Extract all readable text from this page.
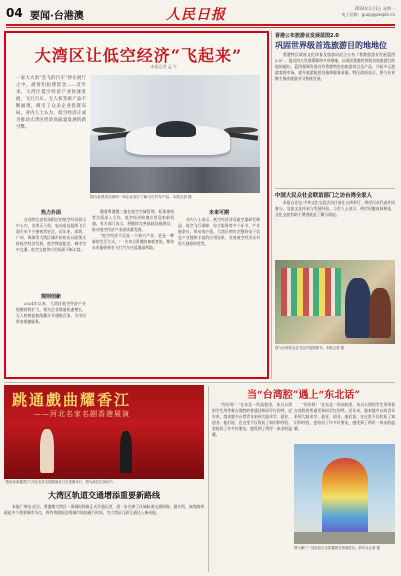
04 要闻·台港澳	人民日报	2024年1月1日 星期一
电子信箱：guoji@people.cn
大湾区让低空经济“飞起来”
本报记者 孟 牛
一家大大的“会飞的汽车”停在展厅之中，游客们拍照留念……近年来，大湾区低空经济产业快速发展，飞行汽车、无人机等新产品不断涌现，吸引了众多企业投资布局。业内人士认为，低空经济正成为推动大湾区经济高质量发展的新引擎。
图为参观者在深圳一家企业展厅了解飞行汽车产品。本报记者 摄
热力扑面

在深圳宝安机场附近的低空经济展示中心内，各类无人机、电动垂直起降飞行器引来不少参观者驻足。近年来，深圳、广州、珠海等大湾区城市纷纷出台政策支持低空经济发展，低空物流配送、城市空中交通、低空文旅等应用场景不断丰富。

规则创新

2024年以来，大湾区低空经济产业规模持续扩大，相关企业数量快速增长，无人机物流航线累计开通数百条，为市民带来便捷服务。

随着粤港澳三地在低空空域管理、标准规则等方面深入合作，低空经济跨境应用迎来新机遇。有关部门表示，将继续完善基础设施建设，推动低空经济产业高质量发展。

“低空经济不仅是一个新兴产业，更是一种新的生活方式。”一位来自香港的参观者说，期待未来能够乘坐飞行汽车往返港深两地。

未来可期

业内人士表示，低空经济涉及航空器研发制造、低空飞行保障、综合服务等多个环节，产业链条长、带动效应强。大湾区拥有完整的电子信息产业链和丰富的应用场景，发展低空经济具有得天独厚的优势。

香港公布旅游业发展蓝图2.0
巩固世界级首选旅游目的地地位

香港特区政府文化体育及旅游局近日公布《香港旅游业发展蓝图2.0》，提出四大发展策略和多项措施，以巩固香港世界级首选旅游目的地的地位。蓝图强调发展具有香港特色的旅游项目及产品，开拓多元旅游客源市场，提升旅游配套设施和服务质量。特区政府表示，将与业界携手推动旅游业可持续发展。

中国大民众社会联谊部门之访台湾全家人

本报台北电 中华文化交流活动日前在台湾举行，两岸民众代表共同参与，交流文化传承与发展经验。与会人士表示，两岸同胞血脉相连，文化交流有助于增进彼此了解与情谊。

图为台湾民众在书店内选购图书。本报记者 摄
跳通戲曲耀香江
——河北名家名剧香港展演
“燕赵戏曲耀香江”河北名家名剧展演近日在香港举行，图为演员在演出中。
当“台湾腔”遇上“东北话”

“你好呀！”在东北一所高校里，来自台湾的学生用带着台湾腔的普通话和同学打招呼。近年来，越来越多台湾青年来到大陆求学、就业、创业。他们说，在这里不仅收获了知识和经验，更结识了许多好朋友，感受到了两岸一家亲的温暖。

“你好呀！”在东北一所高校里，来自台湾的学生用带着台湾腔的普通话和同学打招呼。近年来，越来越多台湾青年来到大陆求学、就业、创业。他们说，在这里不仅收获了知识和经验，更结识了许多好朋友，感受到了两岸一家亲的温暖。

大湾区轨道交通增添重要新路线

本报广州电 近日，粤港澳大湾区一条城际铁路正式开通运营，进一步完善了区域轨道交通网络。据介绍，该线路串联起多个重要城市节点，将有效缩短沿线城市间的通行时间，为大湾区互联互通注入新动能。

图为澳门一处彩色灯光装置吸引游客驻足。新华社记者 摄
